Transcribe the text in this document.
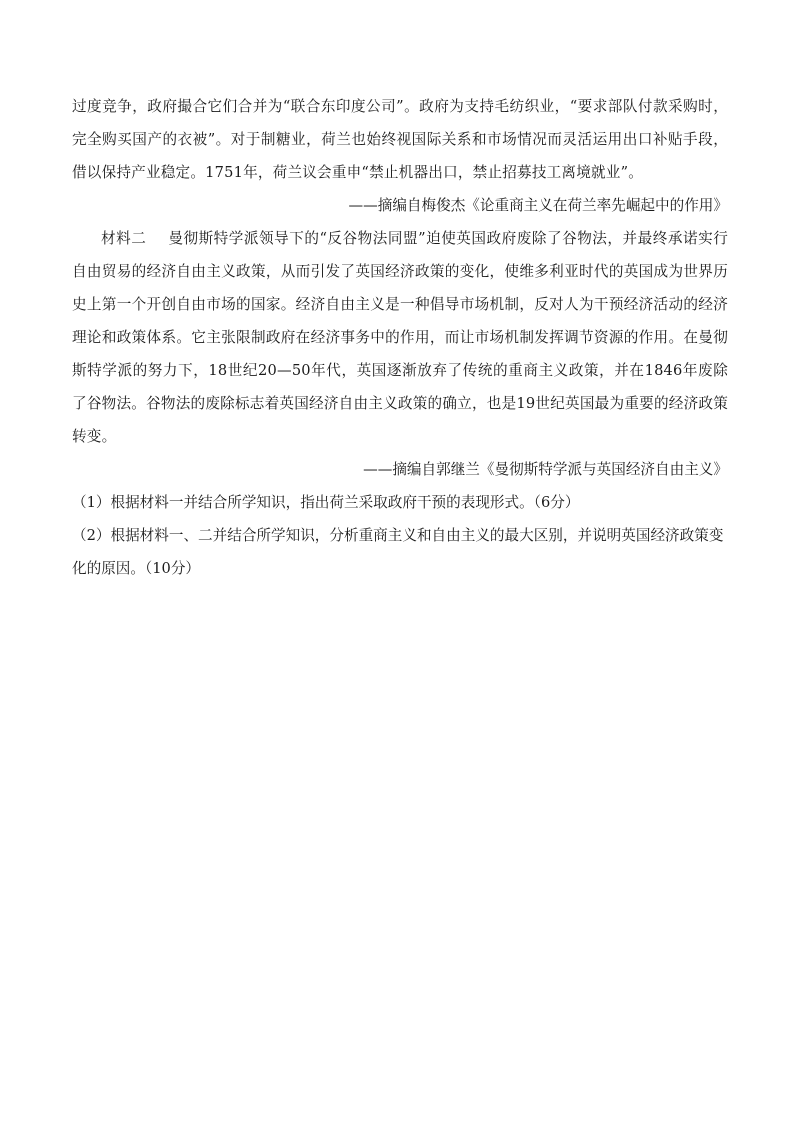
过度竞争，政府撮合它们合并为“联合东印度公司”。政府为支持毛纺织业，“要求部队付款采购时，完全购买国产的衣被”。对于制糖业，荷兰也始终视国际关系和市场情况而灵活运用出口补贴手段，借以保持产业稳定。1751年，荷兰议会重申“禁止机器出口，禁止招募技工离境就业”。

——摘编自梅俊杰《论重商主义在荷兰率先崛起中的作用》

材料二 曼彻斯特学派领导下的“反谷物法同盟”迫使英国政府废除了谷物法，并最终承诺实行自由贸易的经济自由主义政策，从而引发了英国经济政策的变化，使维多利亚时代的英国成为世界历史上第一个开创自由市场的国家。经济自由主义是一种倡导市场机制，反对人为干预经济活动的经济理论和政策体系。它主张限制政府在经济事务中的作用，而让市场机制发挥调节资源的作用。在曼彻斯特学派的努力下，18世纪20—50年代，英国逐渐放弃了传统的重商主义政策，并在1846年废除了谷物法。谷物法的废除标志着英国经济自由主义政策的确立，也是19世纪英国最为重要的经济政策转变。

——摘编自郭继兰《曼彻斯特学派与英国经济自由主义》

（1）根据材料一并结合所学知识，指出荷兰采取政府干预的表现形式。（6分）

（2）根据材料一、二并结合所学知识，分析重商主义和自由主义的最大区别，并说明英国经济政策变化的原因。（10分）
